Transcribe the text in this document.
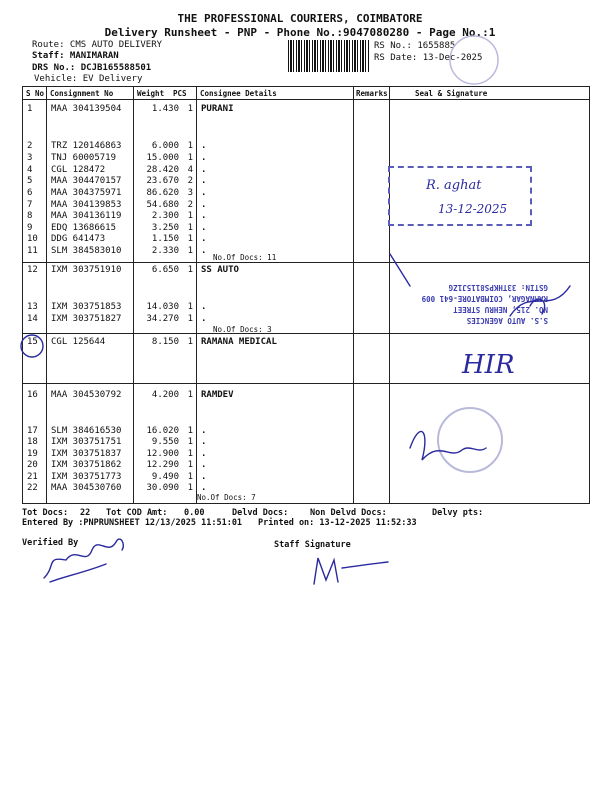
THE PROFESSIONAL COURIERS, COIMBATORE
Delivery Runsheet - PNP - Phone No.:9047080280 - Page No.:1
Route: CMS AUTO DELIVERY
Staff: MANIMARAN
DRS No.: DCJB165588501
Vehicle: EV Delivery
RS No.: 1655885
RS Date: 13-Dec-2025
S No Consignment No	Weight PCS Consignee Details	Remarks	Seal & Signature
1 MAA 304139504	1.430 1 PURANI
2 TRZ 120146863	6.000 1 .
3 TNJ 60005719	15.000 1 .
4 CGL 128472	28.420 4 .
5 MAA 304470157	23.670 2 .
6 MAA 304375971	86.620 3 .
7 MAA 304139853	54.680 2 .
8 MAA 304136119	2.300 1 .
9 EDQ 13686615	3.250 1 .
10 DDG 641473	1.150 1 .
11 SLM 384583010	2.330 1 .
No.Of Docs: 11
12 IXM 303751910	6.650 1 SS AUTO
13 IXM 303751853	14.030 1 .
14 IXM 303751827	34.270 1 .
No.Of Docs: 3
15 CGL 125644	8.150 1 RAMANA MEDICAL
16 MAA 304530792	4.200 1 RAMDEV
17 SLM 384616530	16.020 1 .
18 IXM 303751751	9.550 1 .
19 IXM 303751837	12.900 1 .
20 IXM 303751862	12.290 1 .
21 IXM 303751773	9.490 1 .
22 MAA 304530760	30.090 1 .
No.Of Docs: 7
R. aghat
13-12-2025
S.S. AUTO AGENCIES
NO. 215, NEHRU STREET
RAMNAGAR, COIMBATORE-641 009
GSTIN: 33THKPS8115J1ZG
HIR
Tot Docs: 22 Tot COD Amt: 0.00	Delvd Docs:	Non Delvd Docs:	Delvy pts:
Entered By :PNPRUNSHEET 12/13/2025 11:51:01 Printed on: 13-12-2025 11:52:33
Verified By	Staff Signature
